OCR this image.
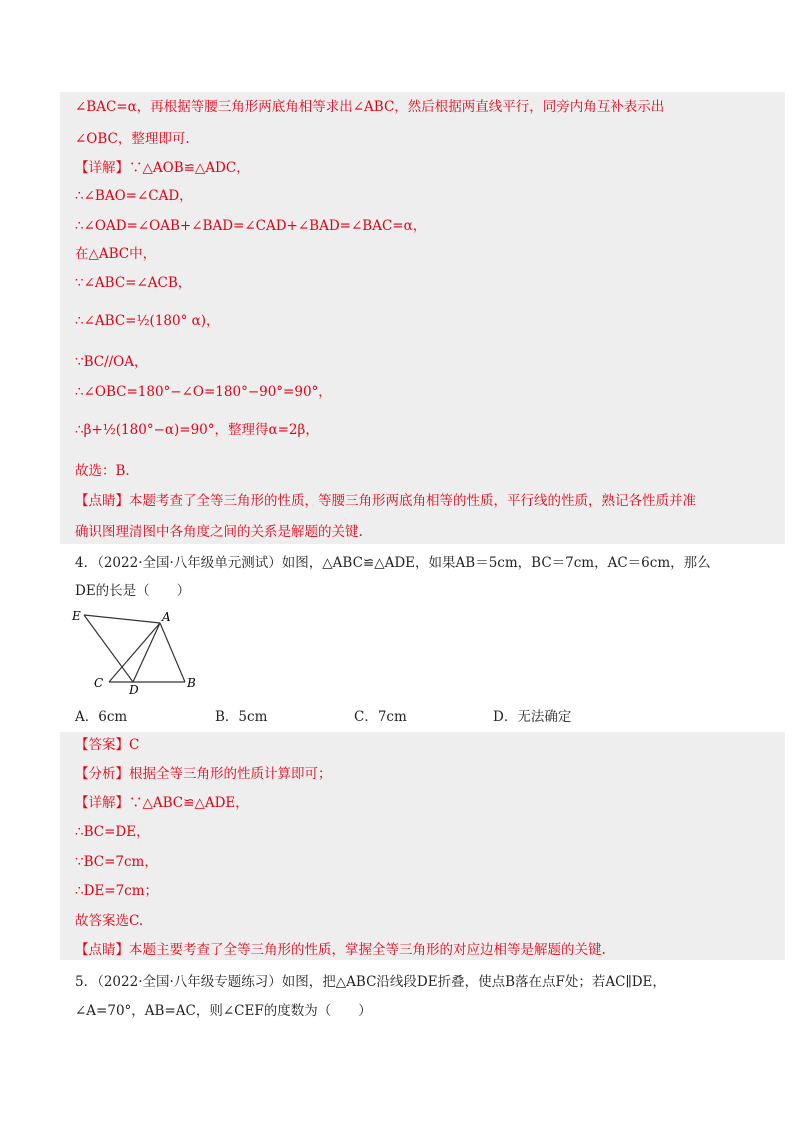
∠BAC=α，再根据等腰三角形两底角相等求出∠ABC，然后根据两直线平行，同旁内角互补表示出
∠OBC，整理即可.
【详解】∵△AOB≌△ADC，
∴∠BAO=∠CAD，
∴∠OAD=∠OAB+∠BAD=∠CAD+∠BAD=∠BAC=α，
在△ABC中，
∵∠ABC=∠ACB，
∴∠ABC=½(180° α)，
∵BC//OA，
∴∠OBC=180°−∠O=180°−90°=90°，
∴β+½(180°−α)=90°，整理得α=2β，
故选：B.
【点睛】本题考查了全等三角形的性质，等腰三角形两底角相等的性质，平行线的性质，熟记各性质并准
确识图理清图中各角度之间的关系是解题的关键.
4．（2022·全国·八年级单元测试）如图，△ABC≌△ADE，如果AB＝5cm，BC＝7cm，AC＝6cm，那么
DE的长是（　　）
E	A
C D	B
A．6cm	B．5cm	C．7cm	D．无法确定
【答案】C
【分析】根据全等三角形的性质计算即可；
【详解】∵△ABC≌△ADE，
∴BC=DE，
∵BC=7cm，
∴DE=7cm；
故答案选C.
【点睛】本题主要考查了全等三角形的性质，掌握全等三角形的对应边相等是解题的关键.
5．（2022·全国·八年级专题练习）如图，把△ABC沿线段DE折叠，使点B落在点F处；若AC∥DE，
∠A=70°，AB=AC，则∠CEF的度数为（　　）
